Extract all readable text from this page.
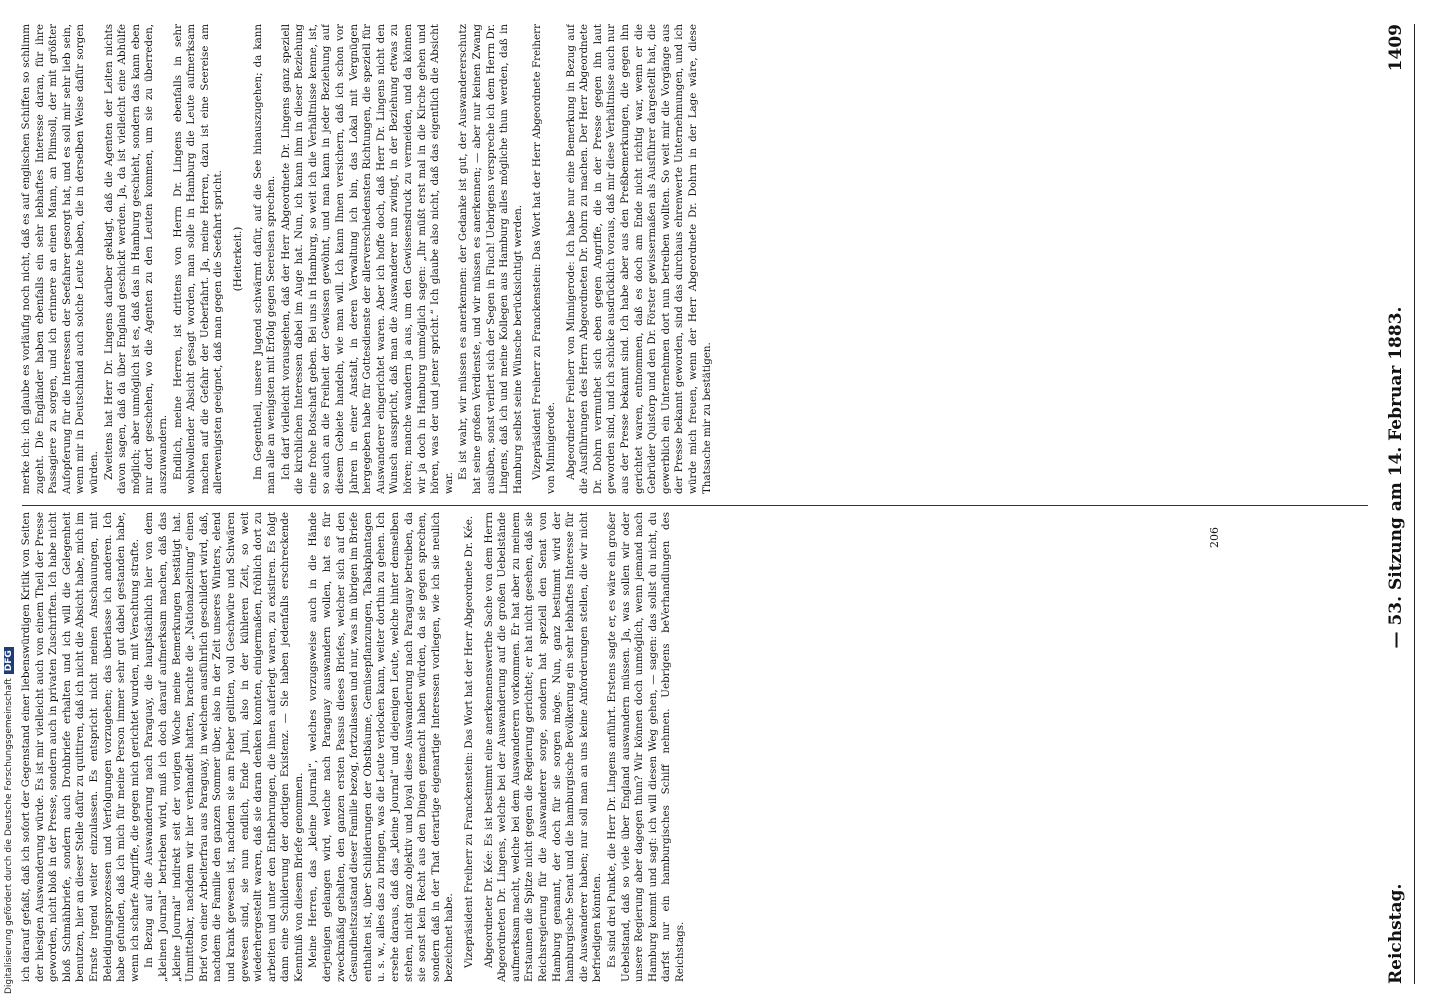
Digitalisierung gefördert durch die Deutsche ForschungsgemeinschaftDFG ich darauf gefaßt, daß ich sofort der Gegenstand einer liebenswürdigen Kritik von Seiten der hiesigen Auswanderung würde. Es ist mir vielleicht auch von einem Theil der Presse geworden, nicht bloß in der Presse, sondern auch in privaten Zuschriften. Ich habe nicht bloß Schmähbriefe, sondern auch Drohbriefe erhalten und ich will die Gelegenheit benutzen, hier an dieser Stelle dafür zu quittiren, daß ich nicht die Absicht habe, mich im Ernste irgend weiter einzulassen. Es entspricht nicht meinen Anschauungen, mit Beleidigungsprozessen und Verfolgungen vorzugehen; das überlasse ich anderen. Ich habe gefunden, daß ich mich für meine Person immer sehr gut dabei gestanden habe, wenn ich scharfe Angriffe, die gegen mich gerichtet wurden, mit Verachtung strafte. In Bezug auf die Auswanderung nach Paraguay, die hauptsächlich hier von dem „kleinen Journal“ betrieben wird, muß ich doch darauf aufmerksam machen, daß das „kleine Journal“ indirekt seit der vorigen Woche meine Bemerkungen bestätigt hat. Unmittelbar, nachdem wir hier verhandelt hatten, brachte die „Nationalzeitung“ einen Brief von einer Arbeiterfrau aus Paraguay, in welchem ausführlich geschildert wird, daß, nachdem die Familie den ganzen Sommer über, also in der Zeit unseres Winters, elend und krank gewesen ist, nachdem sie am Fieber gelitten, voll Geschwüre und Schwären gewesen sind, sie nun endlich, Ende Juni, also in der kühleren Zeit, so weit wiederhergestellt waren, daß sie daran denken konnten, einigermaßen, fröhlich dort zu arbeiten und unter den Entbehrungen, die ihnen auferlegt waren, zu existiren. Es folgt dann eine Schilderung der dortigen Existenz. — Sie haben jedenfalls erschreckende Kenntniß von diesem Briefe genommen. Meine Herren, das „kleine Journal“, welches vorzugsweise auch in die Hände derjenigen gelangen wird, welche nach Paraguay auswandern wollen, hat es für zweckmäßig gehalten, den ganzen ersten Passus dieses Briefes, welcher sich auf den Gesundheitszustand dieser Familie bezog, fortzulassen und nur, was im übrigen im Briefe enthalten ist, über Schilderungen der Obstbäume, Gemüsepflanzungen, Tabakplantagen u. s. w., alles das zu bringen, was die Leute verlocken kann, weiter dorthin zu gehen. Ich ersehe daraus, daß das „kleine Journal“ und diejenigen Leute, welche hinter demselben stehen, nicht ganz objektiv und loyal diese Auswanderung nach Paraguay betreiben, da sie sonst kein Recht aus den Dingen gemacht haben würden, da sie gegen sprechen, sondern daß in der That derartige eigenartige Interessen vorliegen, wie ich sie neulich bezeichnet habe. Vizepräsident Freiherr zu Franckenstein: Das Wort hat der Herr Abgeordnete Dr. Kée. Abgeordneter Dr. Kée: Es ist bestimmt eine anerkennenswerthe Sache von dem Herrn Abgeordneten Dr. Lingens, welche bei der Auswanderung auf die großen Uebelstände aufmerksam macht, welche bei dem Auswanderern vorkommen. Er hat aber zu meinem Erstaunen die Spitze nicht gegen die Regierung gerichtet; er hat nicht gesehen, daß sie Reichsregierung für die Auswanderer sorge, sondern hat speziell den Senat von Hamburg genannt, der doch für sie sorgen möge. Nun, ganz bestimmt wird der hamburgische Senat und die hamburgische Bevölkerung ein sehr lebhaftes Interesse für die Auswanderer haben; nur soll man an uns keine Anforderungen stellen, die wir nicht befriedigen könnten. Es sind drei Punkte, die Herr Dr. Lingens anführt. Erstens sagte er, es wäre ein großer Uebelstand, daß so viele über England auswandern müssen. Ja, was sollen wir oder unsere Regierung aber dagegen thun? Wir können doch unmöglich, wenn jemand nach Hamburg kommt und sagt: ich will diesen Weg gehen, — sagen: das sollst du nicht, du darfst nur ein hamburgisches Schiff nehmen. Uebrigens beVerhandlungen des Reichstags.

merke ich: ich glaube es vorläufig noch nicht, daß es auf englischen Schiffen so schlimm zugeht. Die Engländer haben ebenfalls ein sehr lebhaftes Interesse daran, für ihre Passagiere zu sorgen, und ich erinnere an einen Mann, an Plimsoll, der mit größter Aufopferung für die Interessen der Seefahrer gesorgt hat, und es soll mir sehr lieb sein, wenn mir in Deutschland auch solche Leute haben, die in derselben Weise dafür sorgen würden. Zweitens hat Herr Dr. Lingens darüber geklagt, daß die Agenten der Leiten nichts davon sagen, daß da über England geschickt werden. Ja, da ist vielleicht eine Abhülfe möglich; aber unmöglich ist es, daß das in Hamburg geschieht, sondern das kann eben nur dort geschehen, wo die Agenten zu den Leuten kommen, um sie zu überreden, auszuwandern. Endlich, meine Herren, ist drittens von Herrn Dr. Lingens ebenfalls in sehr wohlwollender Absicht gesagt worden, man solle in Hamburg die Leute aufmerksam machen auf die Gefahr der Ueberfahrt. Ja, meine Herren, dazu ist eine Seereise am allerwenigsten geeignet, daß man gegen die Seefahrt spricht. (Heiterkeit.) Im Gegentheil, unsere Jugend schwärmt dafür, auf die See hinauszugehen; da kann man alle an wenigsten mit Erfolg gegen Seereisen sprechen. Ich darf vielleicht vorausgehen, daß der Herr Abgeordnete Dr. Lingens ganz speziell die kirchlichen Interessen dabei im Auge hat. Nun, ich kann ihm in dieser Beziehung eine frohe Botschaft geben. Bei uns in Hamburg, so weit ich die Verhältnisse kenne, ist, so auch an die Freiheit der Gewissen gewöhnt, und man kann in jeder Beziehung auf diesem Gebiete handeln, wie man will. Ich kann Ihnen versichern, daß ich schon vor Jahren in einer Anstalt, in deren Verwaltung ich bin, das Lokal mit Vergnügen hergegeben habe für Gottesdienste der allerverschiedensten Richtungen, die speziell für Auswanderer eingerichtet waren. Aber ich hoffe doch, daß Herr Dr. Lingens nicht den Wunsch ausspricht, daß man die Auswanderer nun zwingt, in der Beziehung etwas zu hören; manche wandern ja aus, um den Gewissensdruck zu vermeiden, und da können wir ja doch in Hamburg unmöglich sagen: „Ihr müßt erst mal in die Kirche gehen und hören, was der und jener spricht.“ Ich glaube also nicht, daß das eigentlich die Absicht war.

Es ist wahr, wir müssen es anerkennen: der Gedanke ist gut, der Auswandererschutz hat seine großen Verdienste, und wir müssen es anerkennen; — aber nur keinen Zwang ausüben, sonst verliert sich der Segen in Fluch! Uebrigens verspreche ich dem Herrn Dr. Lingens, daß ich und meine Kollegen aus Hamburg alles mögliche thun werden, daß in Hamburg selbst seine Wünsche berücksichtigt werden. Vizepräsident Freiherr zu Franckenstein: Das Wort hat der Herr Abgeordnete Freiherr von Minnigerode. Abgeordneter Freiherr von Minnigerode: Ich habe nur eine Bemerkung in Bezug auf die Ausführungen des Herrn Abgeordneten Dr. Dohrn zu machen. Der Herr Abgeordnete Dr. Dohrn vermuthet sich eben gegen Angriffe, die in der Presse gegen ihn laut geworden sind, und ich schicke ausdrücklich voraus, daß mir diese Verhältnisse auch nur aus der Presse bekannt sind. Ich habe aber aus den Preßbemerkungen, die gegen ihn gerichtet waren, entnommen, daß es doch am Ende nicht richtig war, wenn er die Gebrüder Quistorp und den Dr. Förster gewissermaßen als Ausführer dargestellt hat, die gewerblich ein Unternehmen dort nun betreiben wollten. So weit mir die Vorgänge aus der Presse bekannt geworden, sind das durchaus ehrenwerte Unternehmungen, und ich würde mich freuen, wenn der Herr Abgeordnete Dr. Dohrn in der Lage wäre, diese Thatsache mir zu bestätigen.

206
Reichstag.
— 53. Sitzung am 14. Februar 1883.
1409
